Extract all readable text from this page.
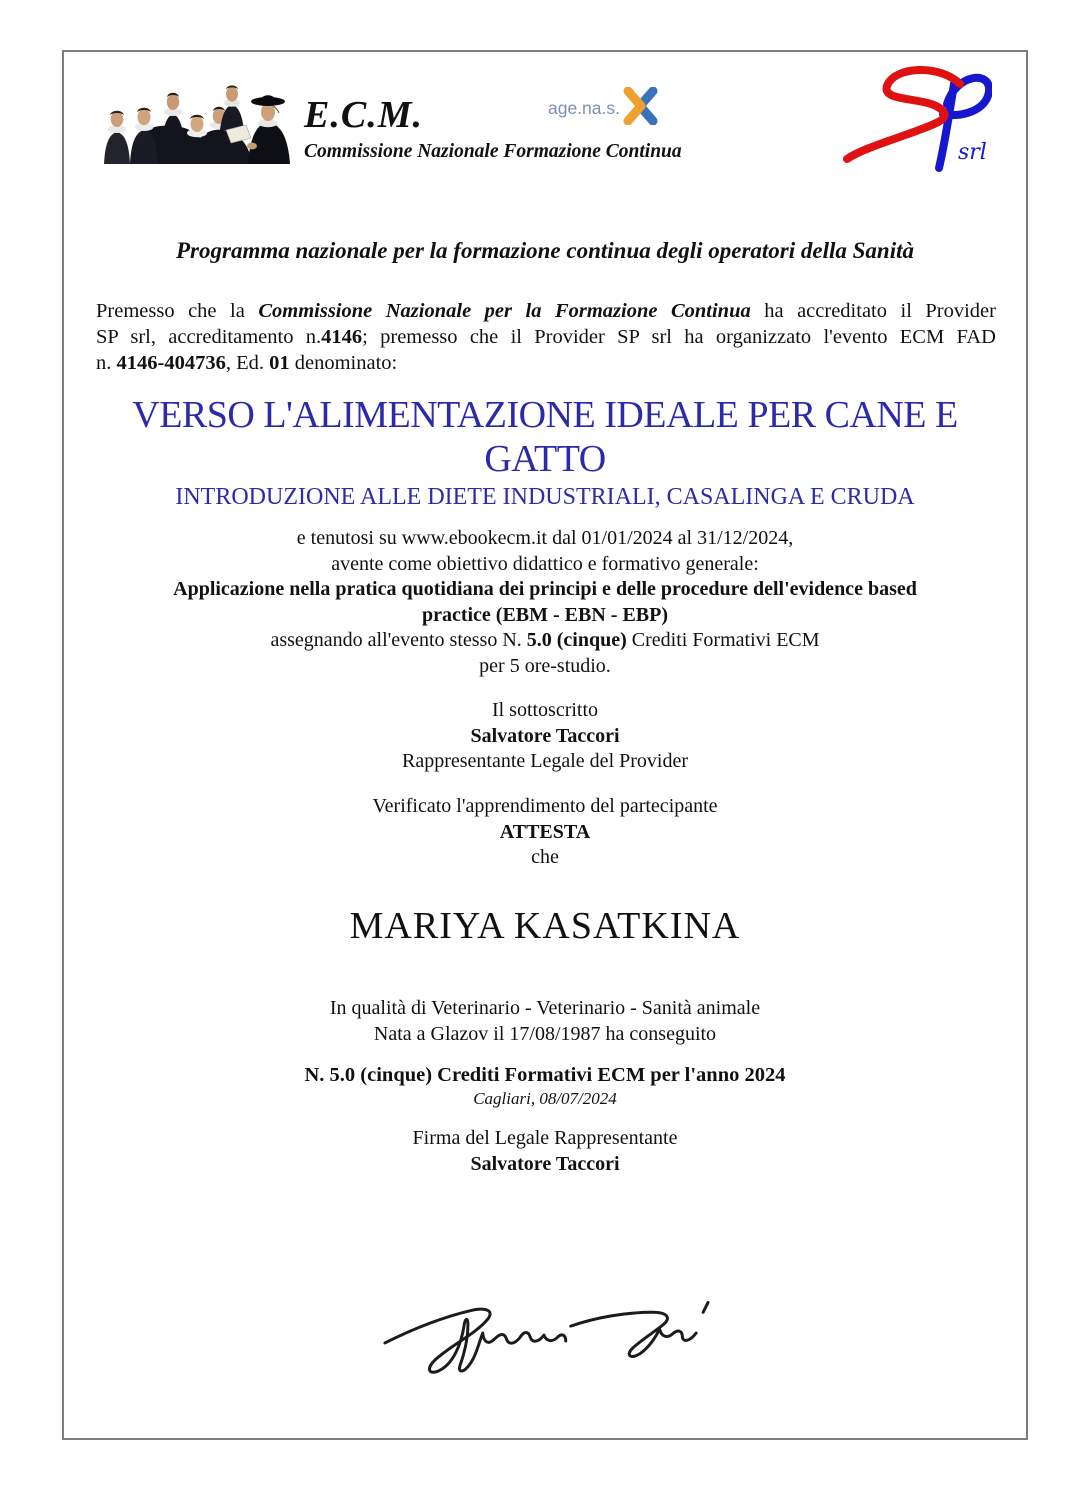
E.C.M.
Commissione Nazionale Formazione Continua
age.na.s.
srl
Programma nazionale per la formazione continua degli operatori della Sanità
Premesso che la Commissione Nazionale per la Formazione Continua ha accreditato il Provider
SP srl, accreditamento n.4146; premesso che il Provider SP srl ha organizzato l'evento ECM FAD
n. 4146-404736, Ed. 01 denominato:
VERSO L'ALIMENTAZIONE IDEALE PER CANE E
GATTO
INTRODUZIONE ALLE DIETE INDUSTRIALI, CASALINGA E CRUDA
e tenutosi su www.ebookecm.it dal 01/01/2024 al 31/12/2024,
avente come obiettivo didattico e formativo generale:
Applicazione nella pratica quotidiana dei principi e delle procedure dell'evidence based
practice (EBM - EBN - EBP)
assegnando all'evento stesso N. 5.0 (cinque) Crediti Formativi ECM
per 5 ore-studio.
Il sottoscritto
Salvatore Taccori
Rappresentante Legale del Provider
Verificato l'apprendimento del partecipante
ATTESTA
che
MARIYA KASATKINA
In qualità di Veterinario - Veterinario - Sanità animale
Nata a Glazov il 17/08/1987 ha conseguito
N. 5.0 (cinque) Crediti Formativi ECM per l'anno 2024
Cagliari, 08/07/2024
Firma del Legale Rappresentante
Salvatore Taccori
